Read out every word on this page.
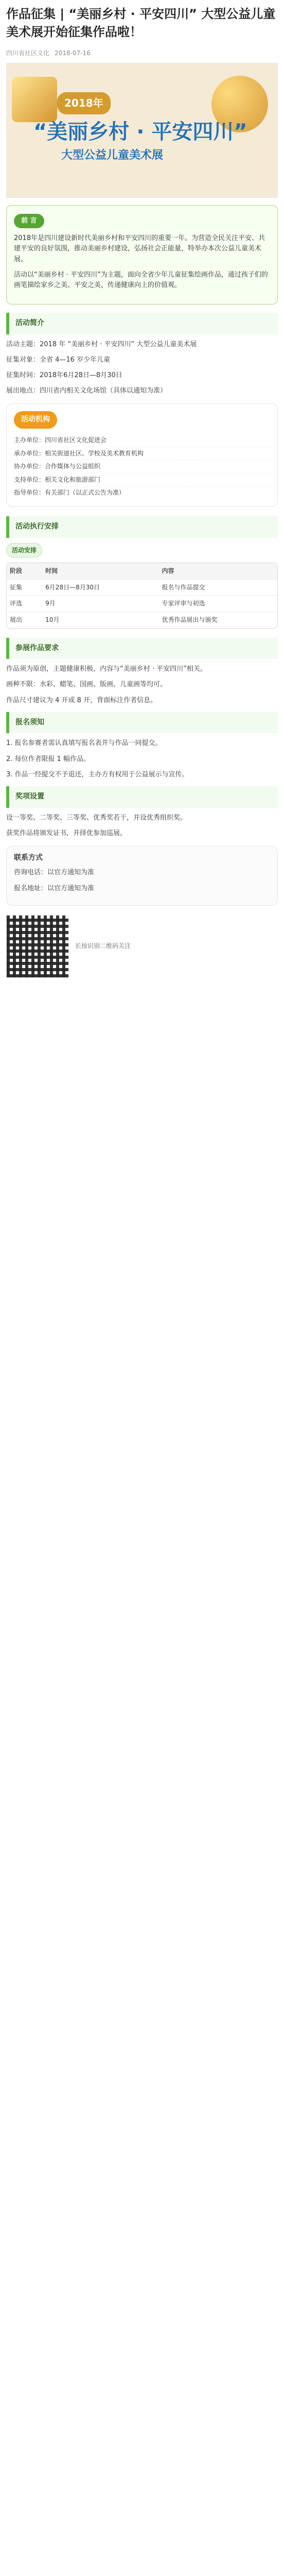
作品征集 | “美丽乡村 · 平安四川” 大型公益儿童美术展开始征集作品啦！
四川省社区文化 2018-07-16
2018年
“美丽乡村 · 平安四川”
大型公益儿童美术展
前 言

2018年是四川建设新时代美丽乡村和平安四川的重要一年。为营造全民关注平安、共建平安的良好氛围，推动美丽乡村建设，弘扬社会正能量，特举办本次公益儿童美术展。

活动以“美丽乡村 · 平安四川”为主题，面向全省少年儿童征集绘画作品，通过孩子们的画笔描绘家乡之美、平安之美，传递健康向上的价值观。

活动简介

活动主题：2018 年 “美丽乡村 · 平安四川” 大型公益儿童美术展

征集对象：全省 4—16 岁少年儿童

征集时间：2018年6月28日—8月30日

展出地点：四川省内相关文化场馆（具体以通知为准）

活动机构
主办单位：四川省社区文化促进会
承办单位：相关街道社区、学校及美术教育机构
协办单位：合作媒体与公益组织
支持单位：相关文化和旅游部门
指导单位：有关部门（以正式公告为准）
活动执行安排
活动安排
阶段	时间	内容
征集	6月28日—8月30日	报名与作品提交
评选	9月	专家评审与初选
展出	10月	优秀作品展出与颁奖
参展作品要求

作品须为原创，主题健康积极，内容与“美丽乡村 · 平安四川”相关。

画种不限：水彩、蜡笔、国画、版画、儿童画等均可。

作品尺寸建议为 4 开或 8 开，背面标注作者信息。

报名须知

1. 报名参赛者需认真填写报名表并与作品一同提交。

2. 每位作者限报 1 幅作品。

3. 作品一经提交不予退还，主办方有权用于公益展示与宣传。

奖项设置

设一等奖、二等奖、三等奖、优秀奖若干，并设优秀组织奖。

获奖作品将颁发证书，并择优参加巡展。

联系方式

咨询电话：以官方通知为准

报名地址：以官方通知为准

长按识别二维码关注
